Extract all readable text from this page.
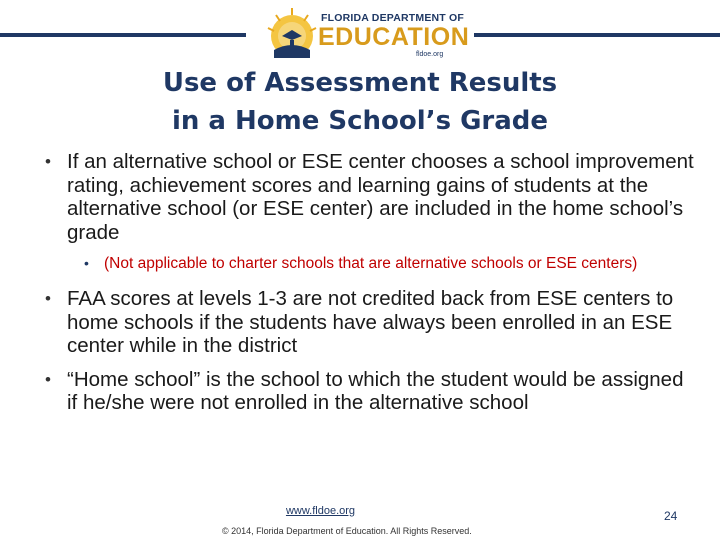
FLORIDA DEPARTMENT OF
EDUCATION
fldoe.org
Use of Assessment Results
in a Home School’s Grade
• If an alternative school or ESE center chooses a school improvement rating, achievement scores and learning gains of students at the alternative school (or ESE center) are included in the home school’s grade
• (Not applicable to charter schools that are alternative schools or ESE centers)
• FAA scores at levels 1-3 are not credited back from ESE centers to home schools if the students have always been enrolled in an ESE center while in the district
• “Home school” is the school to which the student would be assigned if he/she were not enrolled in the alternative school
www.fldoe.org
© 2014, Florida Department of Education. All Rights Reserved.
24
